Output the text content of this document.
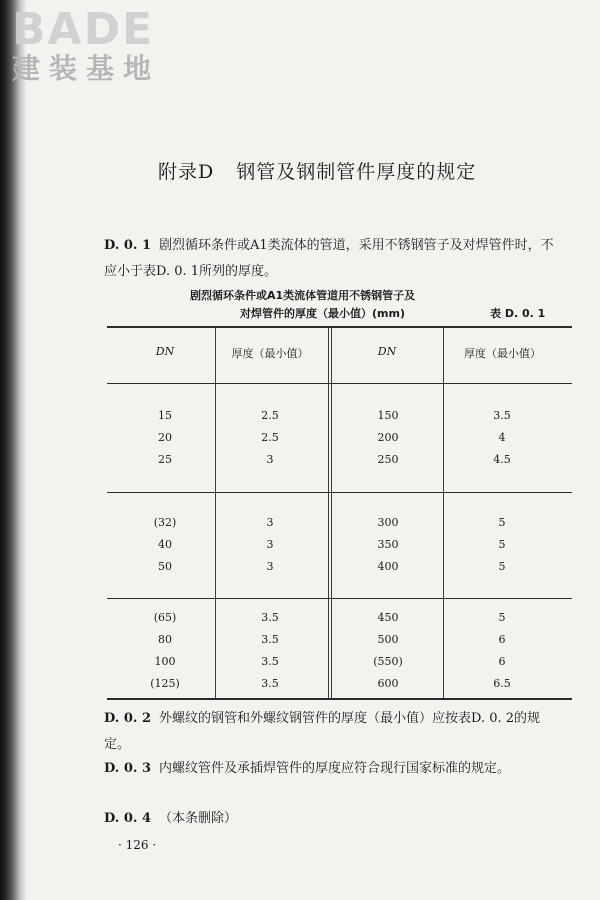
BADE
建装基地
附录D 钢管及钢制管件厚度的规定
D. 0. 1 剧烈循环条件或A1类流体的管道，采用不锈钢管子及对焊管件时，不应小于表D. 0. 1所列的厚度。
剧烈循环条件或A1类流体管道用不锈钢管子及
对焊管件的厚度（最小值）(mm)	表 D. 0. 1
DN	厚度（最小值）	DN	厚度（最小值）
15	2.5	150	3.5
20	2.5	200	4
25	3	250	4.5
(32)	3	300	5
40	3	350	5
50	3	400	5
(65)	3.5	450	5
80	3.5	500	6
100	3.5	(550)	6
(125)	3.5	600	6.5
D. 0. 2 外螺纹的钢管和外螺纹钢管件的厚度（最小值）应按表D. 0. 2的规定。
D. 0. 3 内螺纹管件及承插焊管件的厚度应符合现行国家标准的规定。
D. 0. 4 （本条删除）
· 126 ·
